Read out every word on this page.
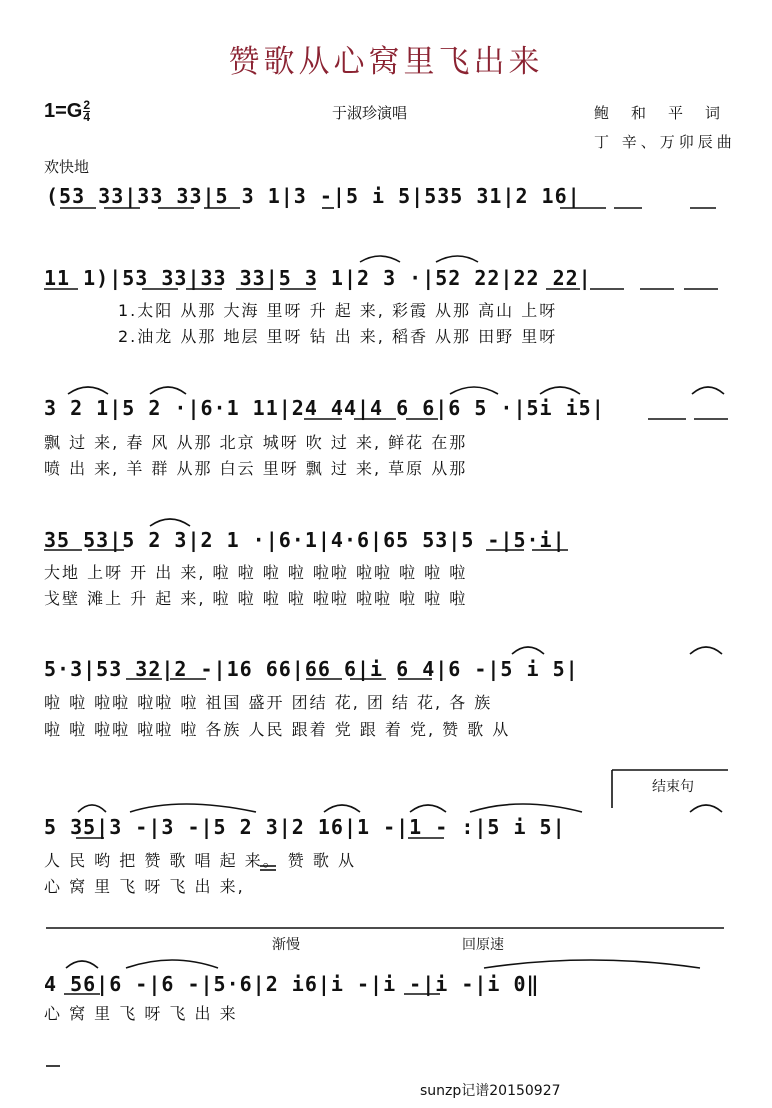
赞歌从心窝里飞出来
$1=G \frac{2}{4}$	于淑珍演唱	鲍和平词
丁 辛、万卯辰曲
欢快地
(53 33|33 33|5 3 1|3 -|5 i 5|535 31|2 16|
11 1)|53 33|33 33|5 3 1|2 3 ·|52 22|22 22|
1.太阳 从那 大海 里呀 升 起 来, 彩霞 从那 高山 上呀
2.油龙 从那 地层 里呀 钻 出 来, 稻香 从那 田野 里呀
3 2 1|5 2 ·|6·1 11|24 44|4 6 6|6 5 ·|5i i5|
飘 过 来, 春 风 从那 北京 城呀 吹 过 来, 鲜花 在那
喷 出 来, 羊 群 从那 白云 里呀 飘 过 来, 草原 从那
35 53|5 2 3|2 1 ·|6·1|4·6|65 53|5 -|5·i|
大地 上呀 开 出 来, 啦 啦 啦 啦 啦啦 啦啦 啦 啦 啦
戈壁 滩上 升 起 来, 啦 啦 啦 啦 啦啦 啦啦 啦 啦 啦
5·3|53 32|2 -|16 66|66 6|i 6 4|6 -|5 i 5|
啦 啦 啦啦 啦啦 啦 祖国 盛开 团结 花, 团 结 花, 各 族
啦 啦 啦啦 啦啦 啦 各族 人民 跟着 党 跟 着 党, 赞 歌 从
结束句
5 35|3 -|3 -|5 2 3|2 16|1 -|1 - :|5 i 5|
人 民 哟 把 赞 歌 唱 起 来。 赞 歌 从
心 窝 里 飞 呀 飞 出 来,
渐慢	回原速
4 56|6 -|6 -|5·6|2 i6|i -|i -|i -|i 0‖
心 窝 里 飞 呀 飞 出 来
sunzp记谱20150927
